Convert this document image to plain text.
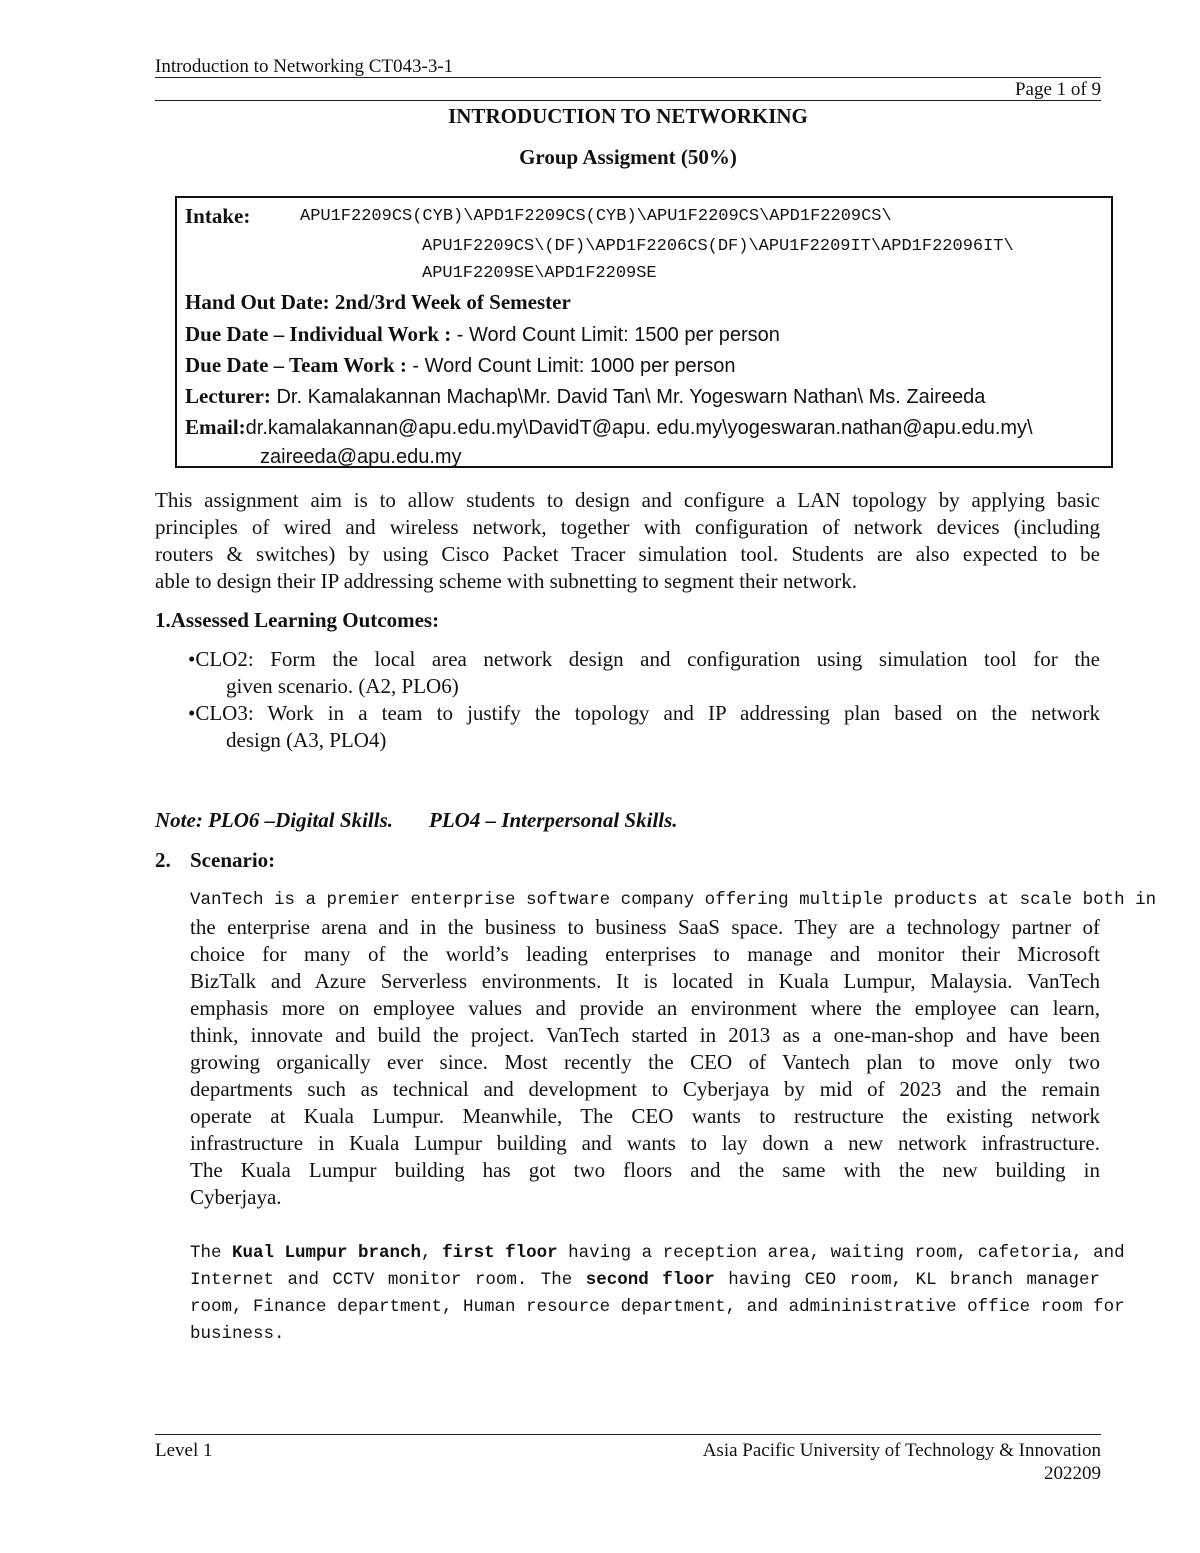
Introduction to Networking CT043-3-1
Page 1 of 9
INTRODUCTION TO NETWORKING
Group Assigment (50%)
Intake:	APU1F2209CS(CYB)\APD1F2209CS(CYB)\APU1F2209CS\APD1F2209CS\
APU1F2209CS\(DF)\APD1F2206CS(DF)\APU1F2209IT\APD1F22096IT\
APU1F2209SE\APD1F2209SE
Hand Out Date: 2nd/3rd Week of Semester
Due Date – Individual Work : - Word Count Limit: 1500 per person
Due Date – Team Work : - Word Count Limit: 1000 per person
Lecturer: Dr. Kamalakannan Machap\Mr. David Tan\ Mr. Yogeswarn Nathan\ Ms. Zaireeda
Email:dr.kamalakannan@apu.edu.my\DavidT@apu. edu.my\yogeswaran.nathan@apu.edu.my\
zaireeda@apu.edu.my
This assignment aim is to allow students to design and configure a LAN topology by applying basic
principles of wired and wireless network, together with configuration of network devices (including
routers & switches) by using Cisco Packet Tracer simulation tool. Students are also expected to be
able to design their IP addressing scheme with subnetting to segment their network.
1.Assessed Learning Outcomes:
•CLO2: Form the local area network design and configuration using simulation tool for the
given scenario. (A2, PLO6)
•CLO3: Work in a team to justify the topology and IP addressing plan based on the network
design (A3, PLO4)
Note: PLO6 –Digital Skills. PLO4 – Interpersonal Skills.
2. Scenario:
VanTech is a premier enterprise software company offering multiple products at scale both in
the enterprise arena and in the business to business SaaS space. They are a technology partner of
choice for many of the world’s leading enterprises to manage and monitor their Microsoft
BizTalk and Azure Serverless environments. It is located in Kuala Lumpur, Malaysia. VanTech
emphasis more on employee values and provide an environment where the employee can learn,
think, innovate and build the project. VanTech started in 2013 as a one-man-shop and have been
growing organically ever since. Most recently the CEO of Vantech plan to move only two
departments such as technical and development to Cyberjaya by mid of 2023 and the remain
operate at Kuala Lumpur. Meanwhile, The CEO wants to restructure the existing network
infrastructure in Kuala Lumpur building and wants to lay down a new network infrastructure.
The Kuala Lumpur building has got two floors and the same with the new building in
Cyberjaya.
The Kual Lumpur branch, first floor having a reception area, waiting room, cafetoria, and
Internet and CCTV monitor room. The second floor having CEO room, KL branch manager
room, Finance department, Human resource department, and admininistrative office room for
business.
Level 1	Asia Pacific University of Technology & Innovation
202209
